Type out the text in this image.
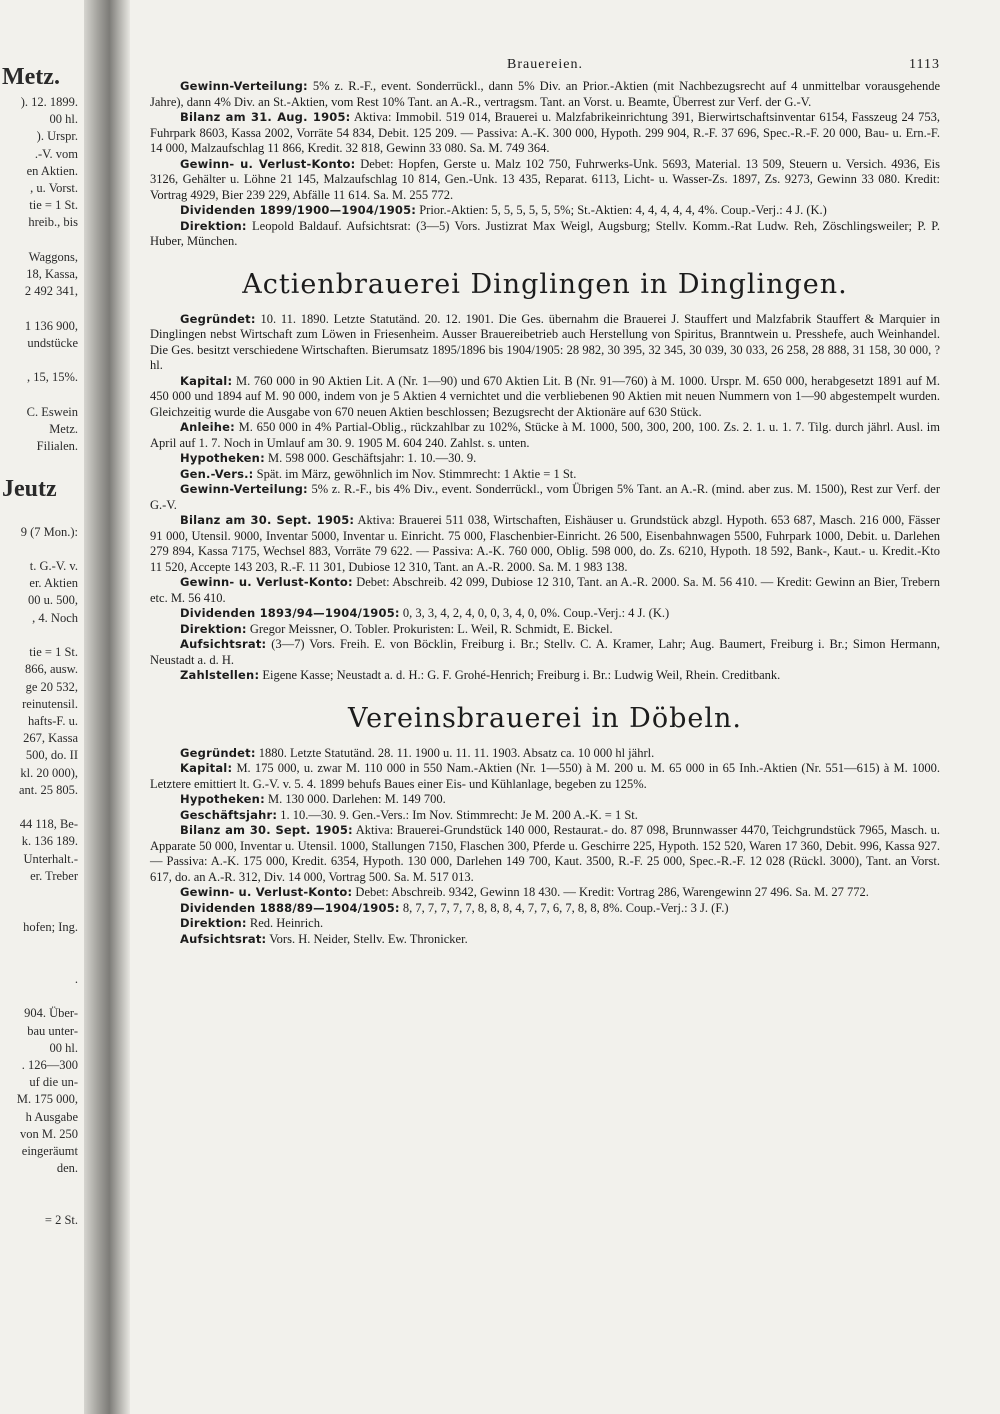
Metz.
). 12. 1899.
00 hl.
). Urspr.
.-V. vom
en Aktien.
, u. Vorst.
tie = 1 St.
hreib., bis

Waggons,
18, Kassa,
2 492 341,

1 136 900,
undstücke

, 15, 15%.

C. Eswein
Metz.
Filialen.

Jeutz

9 (7 Mon.):

t. G.-V. v.
er. Aktien
00 u. 500,
, 4. Noch

tie = 1 St.
866, ausw.
ge 20 532,
reinutensil.
hafts-F. u.
267, Kassa
500, do. II
kl. 20 000),
ant. 25 805.

44 118, Be-
k. 136 189.
Unterhalt.-
er. Treber

hofen; Ing.

.

904. Über-
bau unter-
00 hl.
. 126—300
uf die un-
M. 175 000,
h Ausgabe
von M. 250
eingeräumt
den.

= 2 St.
Brauereien.	1113

Gewinn-Verteilung: 5% z. R.-F., event. Sonderrückl., dann 5% Div. an Prior.-Aktien (mit Nachbezugsrecht auf 4 unmittelbar vorausgehende Jahre), dann 4% Div. an St.-Aktien, vom Rest 10% Tant. an A.-R., vertragsm. Tant. an Vorst. u. Beamte, Überrest zur Verf. der G.-V.

Bilanz am 31. Aug. 1905: Aktiva: Immobil. 519 014, Brauerei u. Malzfabrikeinrichtung 391, Bierwirtschaftsinventar 6154, Fasszeug 24 753, Fuhrpark 8603, Kassa 2002, Vorräte 54 834, Debit. 125 209. — Passiva: A.-K. 300 000, Hypoth. 299 904, R.-F. 37 696, Spec.-R.-F. 20 000, Bau- u. Ern.-F. 14 000, Malzaufschlag 11 866, Kredit. 32 818, Gewinn 33 080. Sa. M. 749 364.

Gewinn- u. Verlust-Konto: Debet: Hopfen, Gerste u. Malz 102 750, Fuhrwerks-Unk. 5693, Material. 13 509, Steuern u. Versich. 4936, Eis 3126, Gehälter u. Löhne 21 145, Malzaufschlag 10 814, Gen.-Unk. 13 435, Reparat. 6113, Licht- u. Wasser-Zs. 1897, Zs. 9273, Gewinn 33 080. Kredit: Vortrag 4929, Bier 239 229, Abfälle 11 614. Sa. M. 255 772.

Dividenden 1899/1900—1904/1905: Prior.-Aktien: 5, 5, 5, 5, 5, 5%; St.-Aktien: 4, 4, 4, 4, 4, 4%. Coup.-Verj.: 4 J. (K.)

Direktion: Leopold Baldauf. Aufsichtsrat: (3—5) Vors. Justizrat Max Weigl, Augsburg; Stellv. Komm.-Rat Ludw. Reh, Zöschlingsweiler; P. P. Huber, München.

Actienbrauerei Dinglingen in Dinglingen.

Gegründet: 10. 11. 1890. Letzte Statutänd. 20. 12. 1901. Die Ges. übernahm die Brauerei J. Stauffert und Malzfabrik Stauffert & Marquier in Dinglingen nebst Wirtschaft zum Löwen in Friesenheim. Ausser Brauereibetrieb auch Herstellung von Spiritus, Branntwein u. Presshefe, auch Weinhandel. Die Ges. besitzt verschiedene Wirtschaften. Bierumsatz 1895/1896 bis 1904/1905: 28 982, 30 395, 32 345, 30 039, 30 033, 26 258, 28 888, 31 158, 30 000, ? hl.

Kapital: M. 760 000 in 90 Aktien Lit. A (Nr. 1—90) und 670 Aktien Lit. B (Nr. 91—760) à M. 1000. Urspr. M. 650 000, herabgesetzt 1891 auf M. 450 000 und 1894 auf M. 90 000, indem von je 5 Aktien 4 vernichtet und die verbliebenen 90 Aktien mit neuen Nummern von 1—90 abgestempelt wurden. Gleichzeitig wurde die Ausgabe von 670 neuen Aktien beschlossen; Bezugsrecht der Aktionäre auf 630 Stück.

Anleihe: M. 650 000 in 4% Partial-Oblig., rückzahlbar zu 102%, Stücke à M. 1000, 500, 300, 200, 100. Zs. 2. 1. u. 1. 7. Tilg. durch jährl. Ausl. im April auf 1. 7. Noch in Umlauf am 30. 9. 1905 M. 604 240. Zahlst. s. unten.

Hypotheken: M. 598 000. Geschäftsjahr: 1. 10.—30. 9.

Gen.-Vers.: Spät. im März, gewöhnlich im Nov. Stimmrecht: 1 Aktie = 1 St.

Gewinn-Verteilung: 5% z. R.-F., bis 4% Div., event. Sonderrückl., vom Übrigen 5% Tant. an A.-R. (mind. aber zus. M. 1500), Rest zur Verf. der G.-V.

Bilanz am 30. Sept. 1905: Aktiva: Brauerei 511 038, Wirtschaften, Eishäuser u. Grundstück abzgl. Hypoth. 653 687, Masch. 216 000, Fässer 91 000, Utensil. 9000, Inventar 5000, Inventar u. Einricht. 75 000, Flaschenbier-Einricht. 26 500, Eisenbahnwagen 5500, Fuhrpark 1000, Debit. u. Darlehen 279 894, Kassa 7175, Wechsel 883, Vorräte 79 622. — Passiva: A.-K. 760 000, Oblig. 598 000, do. Zs. 6210, Hypoth. 18 592, Bank-, Kaut.- u. Kredit.-Kto 11 520, Accepte 143 203, R.-F. 11 301, Dubiose 12 310, Tant. an A.-R. 2000. Sa. M. 1 983 138.

Gewinn- u. Verlust-Konto: Debet: Abschreib. 42 099, Dubiose 12 310, Tant. an A.-R. 2000. Sa. M. 56 410. — Kredit: Gewinn an Bier, Trebern etc. M. 56 410.

Dividenden 1893/94—1904/1905: 0, 3, 3, 4, 2, 4, 0, 0, 3, 4, 0, 0%. Coup.-Verj.: 4 J. (K.)

Direktion: Gregor Meissner, O. Tobler. Prokuristen: L. Weil, R. Schmidt, E. Bickel.

Aufsichtsrat: (3—7) Vors. Freih. E. von Böcklin, Freiburg i. Br.; Stellv. C. A. Kramer, Lahr; Aug. Baumert, Freiburg i. Br.; Simon Hermann, Neustadt a. d. H.

Zahlstellen: Eigene Kasse; Neustadt a. d. H.: G. F. Grohé-Henrich; Freiburg i. Br.: Ludwig Weil, Rhein. Creditbank.

Vereinsbrauerei in Döbeln.

Gegründet: 1880. Letzte Statutänd. 28. 11. 1900 u. 11. 11. 1903. Absatz ca. 10 000 hl jährl.

Kapital: M. 175 000, u. zwar M. 110 000 in 550 Nam.-Aktien (Nr. 1—550) à M. 200 u. M. 65 000 in 65 Inh.-Aktien (Nr. 551—615) à M. 1000. Letztere emittiert lt. G.-V. v. 5. 4. 1899 behufs Baues einer Eis- und Kühlanlage, begeben zu 125%.

Hypotheken: M. 130 000. Darlehen: M. 149 700.

Geschäftsjahr: 1. 10.—30. 9. Gen.-Vers.: Im Nov. Stimmrecht: Je M. 200 A.-K. = 1 St.

Bilanz am 30. Sept. 1905: Aktiva: Brauerei-Grundstück 140 000, Restaurat.- do. 87 098, Brunnwasser 4470, Teichgrundstück 7965, Masch. u. Apparate 50 000, Inventar u. Utensil. 1000, Stallungen 7150, Flaschen 300, Pferde u. Geschirre 225, Hypoth. 152 520, Waren 17 360, Debit. 996, Kassa 927. — Passiva: A.-K. 175 000, Kredit. 6354, Hypoth. 130 000, Darlehen 149 700, Kaut. 3500, R.-F. 25 000, Spec.-R.-F. 12 028 (Rückl. 3000), Tant. an Vorst. 617, do. an A.-R. 312, Div. 14 000, Vortrag 500. Sa. M. 517 013.

Gewinn- u. Verlust-Konto: Debet: Abschreib. 9342, Gewinn 18 430. — Kredit: Vortrag 286, Warengewinn 27 496. Sa. M. 27 772.

Dividenden 1888/89—1904/1905: 8, 7, 7, 7, 7, 7, 8, 8, 8, 4, 7, 7, 6, 7, 8, 8, 8%. Coup.-Verj.: 3 J. (F.)

Direktion: Red. Heinrich.

Aufsichtsrat: Vors. H. Neider, Stellv. Ew. Thronicker.
